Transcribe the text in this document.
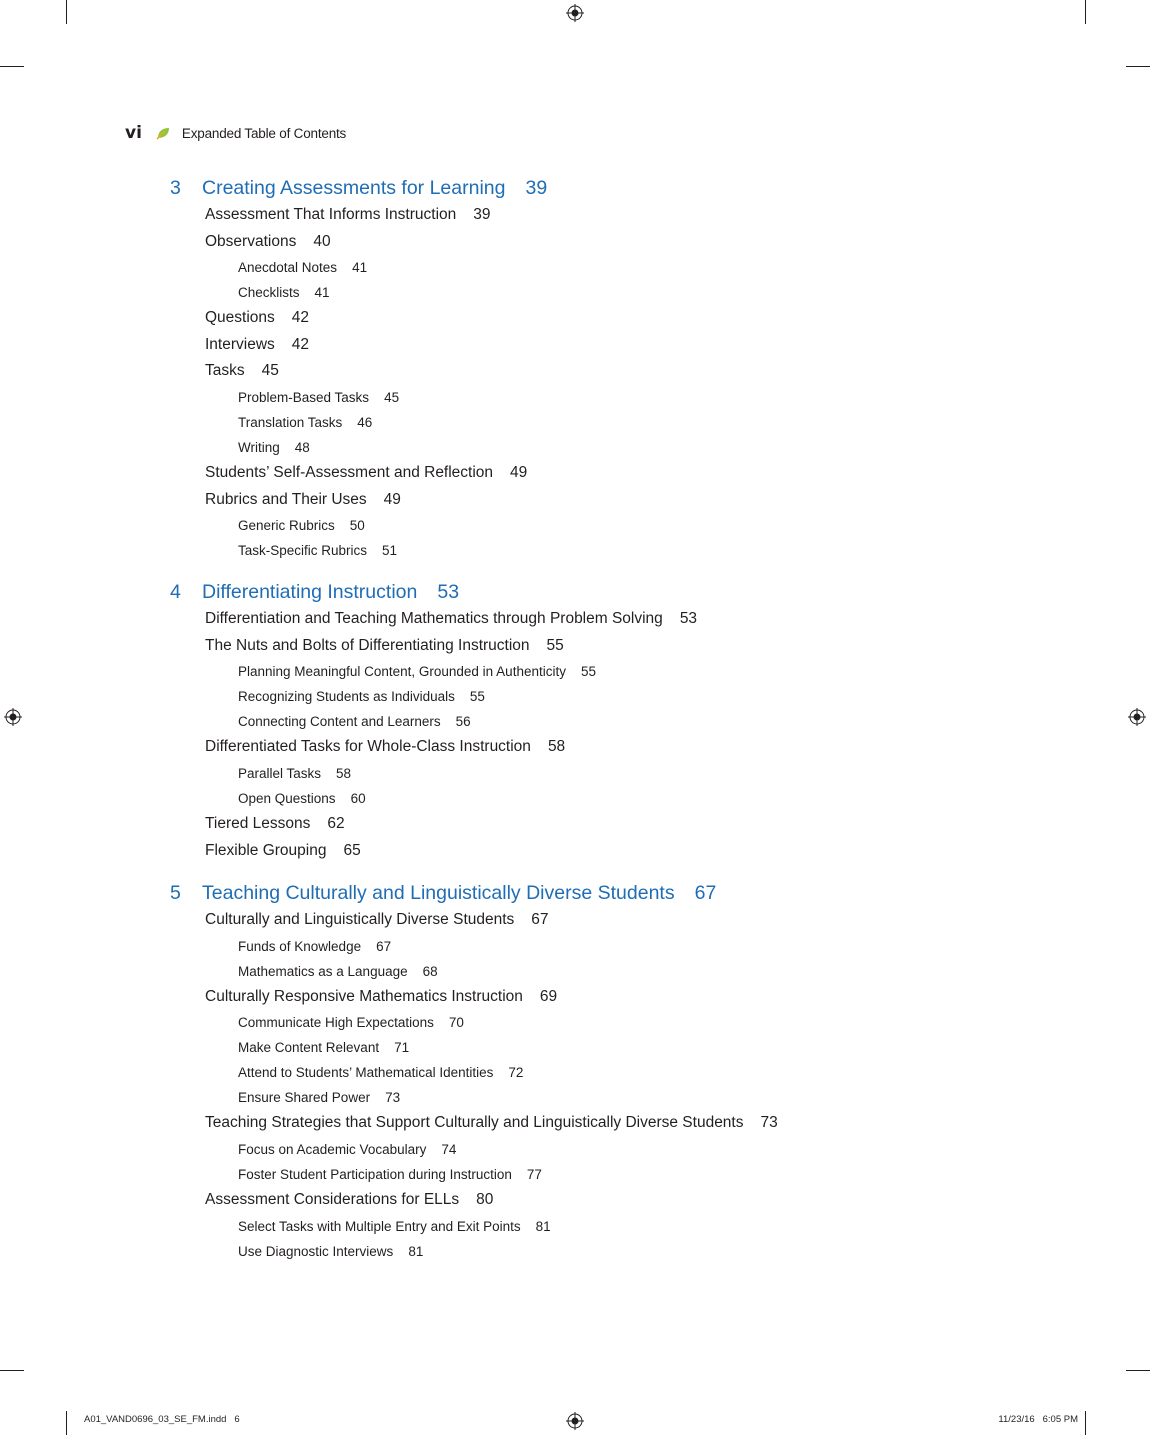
vi	Expanded Table of Contents
3	Creating Assessments for Learning 39
Assessment That Informs Instruction 39
Observations 40
Anecdotal Notes 41
Checklists 41
Questions 42
Interviews 42
Tasks 45
Problem-Based Tasks 45
Translation Tasks 46
Writing 48
Students’ Self-Assessment and Reflection 49
Rubrics and Their Uses 49
Generic Rubrics 50
Task-Specific Rubrics 51
4	Differentiating Instruction 53
Differentiation and Teaching Mathematics through Problem Solving 53
The Nuts and Bolts of Differentiating Instruction 55
Planning Meaningful Content, Grounded in Authenticity 55
Recognizing Students as Individuals 55
Connecting Content and Learners 56
Differentiated Tasks for Whole-Class Instruction 58
Parallel Tasks 58
Open Questions 60
Tiered Lessons 62
Flexible Grouping 65
5	Teaching Culturally and Linguistically Diverse Students 67
Culturally and Linguistically Diverse Students 67
Funds of Knowledge 67
Mathematics as a Language 68
Culturally Responsive Mathematics Instruction 69
Communicate High Expectations 70
Make Content Relevant 71
Attend to Students’ Mathematical Identities 72
Ensure Shared Power 73
Teaching Strategies that Support Culturally and Linguistically Diverse Students 73
Focus on Academic Vocabulary 74
Foster Student Participation during Instruction 77
Assessment Considerations for ELLs 80
Select Tasks with Multiple Entry and Exit Points 81
Use Diagnostic Interviews 81
A01_VAND0696_03_SE_FM.indd   6	11/23/16   6:05 PM
